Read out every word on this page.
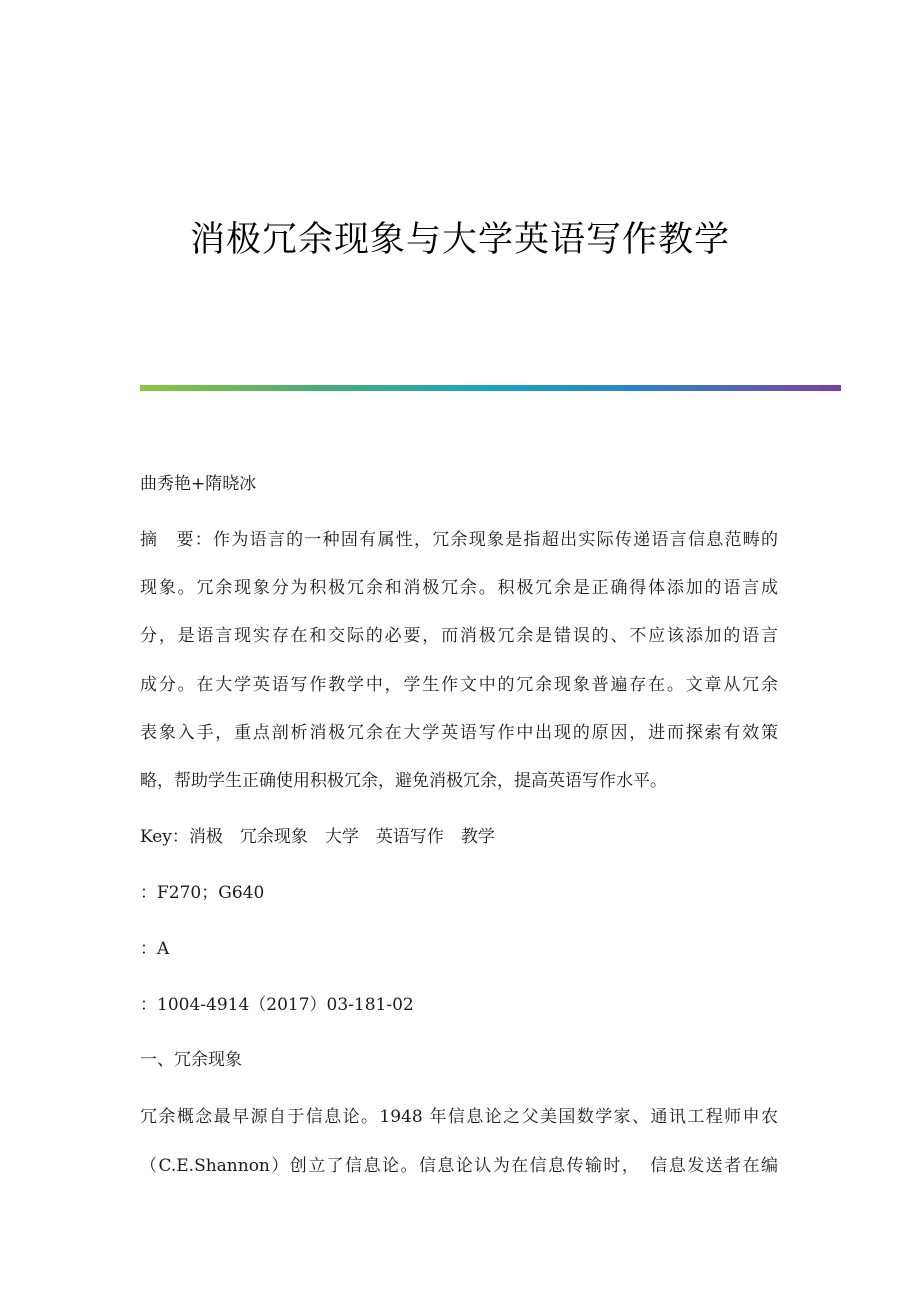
消极冗余现象与大学英语写作教学
曲秀艳+隋晓冰
摘　要：作为语言的一种固有属性，冗余现象是指超出实际传递语言信息范畴的
现象。冗余现象分为积极冗余和消极冗余。积极冗余是正确得体添加的语言成
分，是语言现实存在和交际的必要，而消极冗余是错误的、不应该添加的语言
成分。在大学英语写作教学中，学生作文中的冗余现象普遍存在。文章从冗余
表象入手，重点剖析消极冗余在大学英语写作中出现的原因，进而探索有效策
略，帮助学生正确使用积极冗余，避免消极冗余，提高英语写作水平。
Key：消极　冗余现象　大学　英语写作　教学
：F270；G640
：A
：1004-4914（2017）03-181-02
一、冗余现象
冗余概念最早源自于信息论。1948 年信息论之父美国数学家、通讯工程师申农
（C.E.Shannon）创立了信息论。信息论认为在信息传输时，　信息发送者在编
